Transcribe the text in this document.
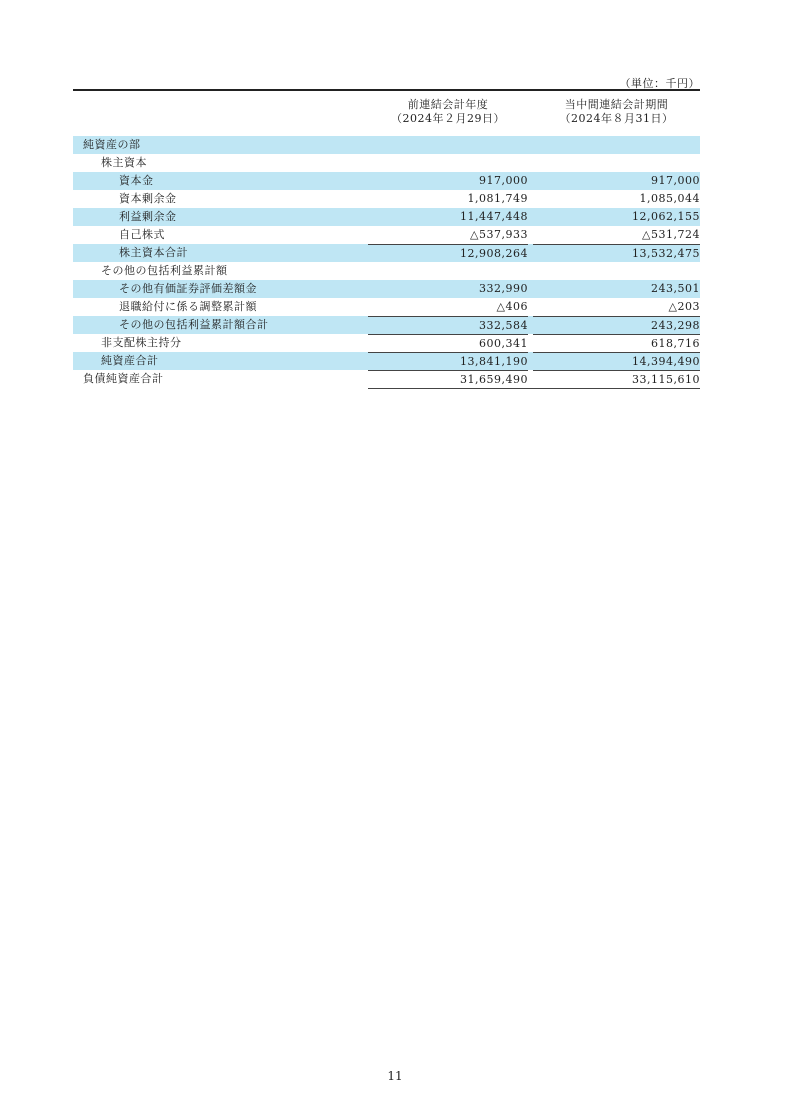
（単位：千円）
前連結会計年度
（2024年２月29日）
当中間連結会計期間
（2024年８月31日）
純資産の部
株主資本
資本金	917,000	917,000
資本剰余金	1,081,749	1,085,044
利益剰余金	11,447,448	12,062,155
自己株式	△537,933	△531,724
株主資本合計	12,908,264	13,532,475
その他の包括利益累計額
その他有価証券評価差額金	332,990	243,501
退職給付に係る調整累計額	△406	△203
その他の包括利益累計額合計	332,584	243,298
非支配株主持分	600,341	618,716
純資産合計	13,841,190	14,394,490
負債純資産合計	31,659,490	33,115,610
11
